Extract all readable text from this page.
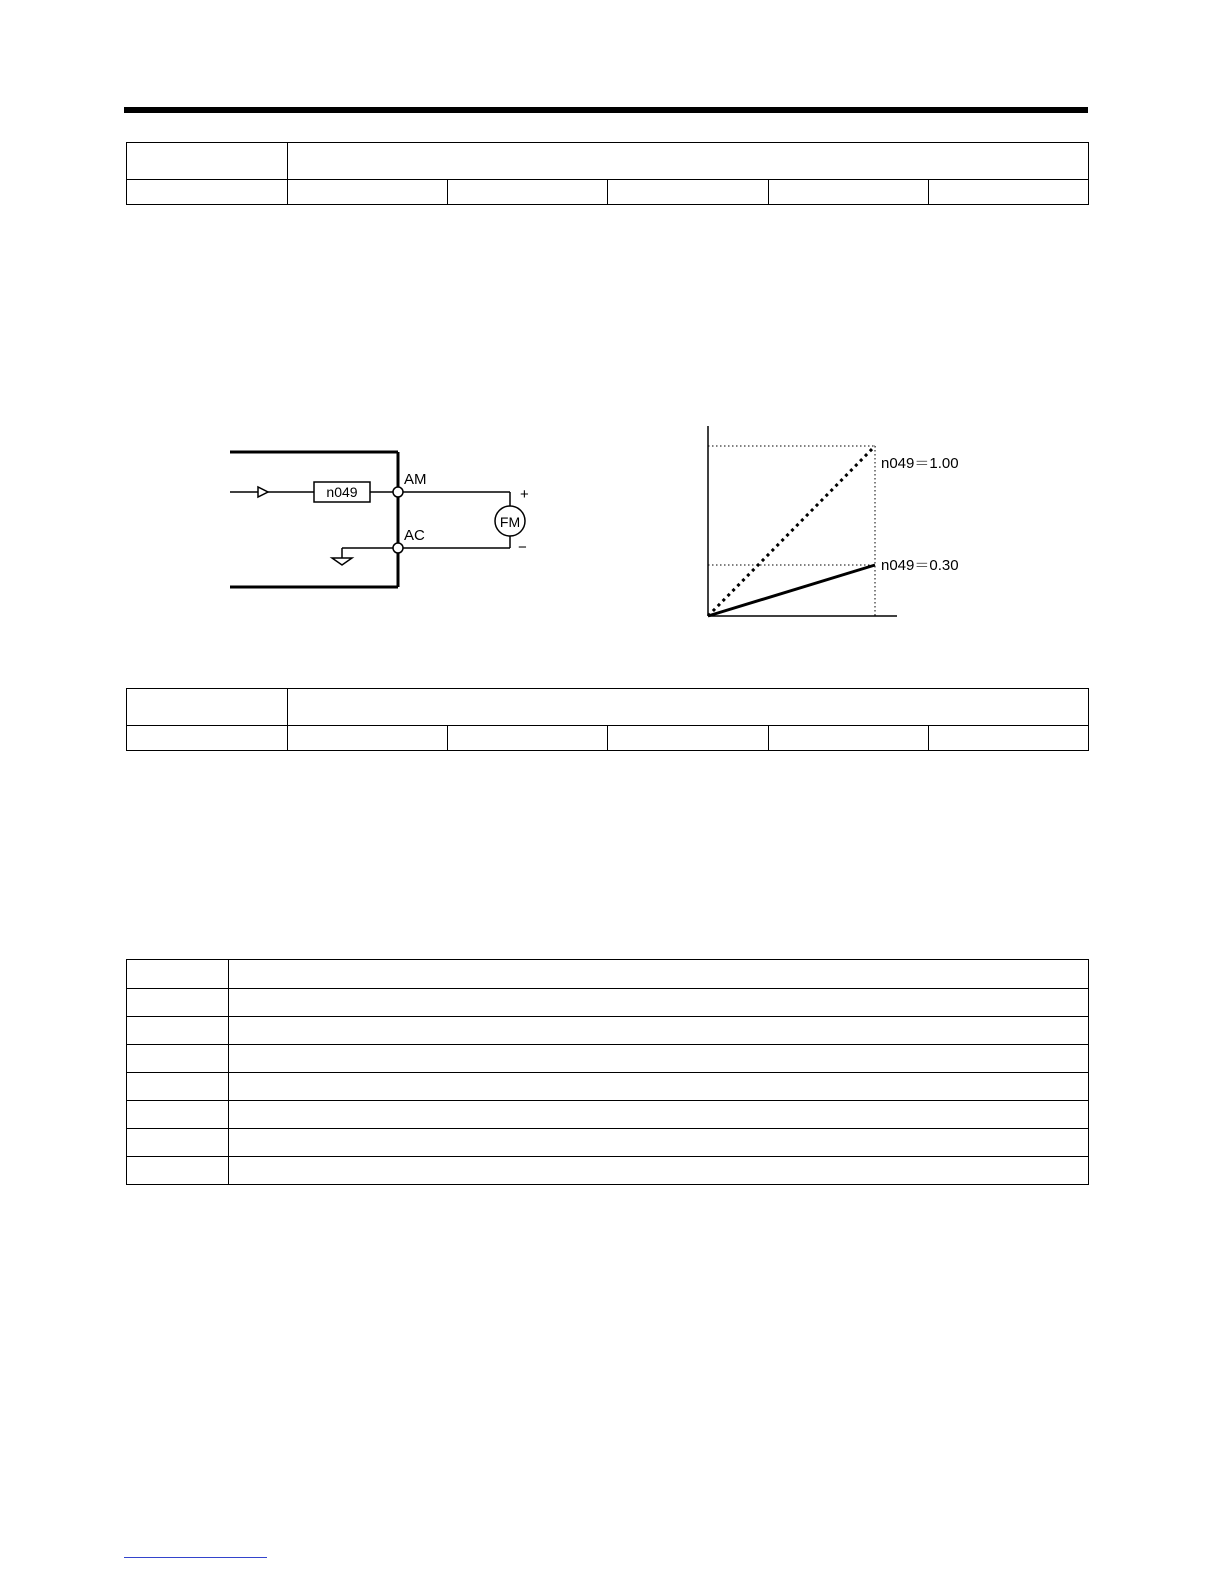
n049
AM
FM
+
−
AC
n049＝1.00
n049＝0.30
